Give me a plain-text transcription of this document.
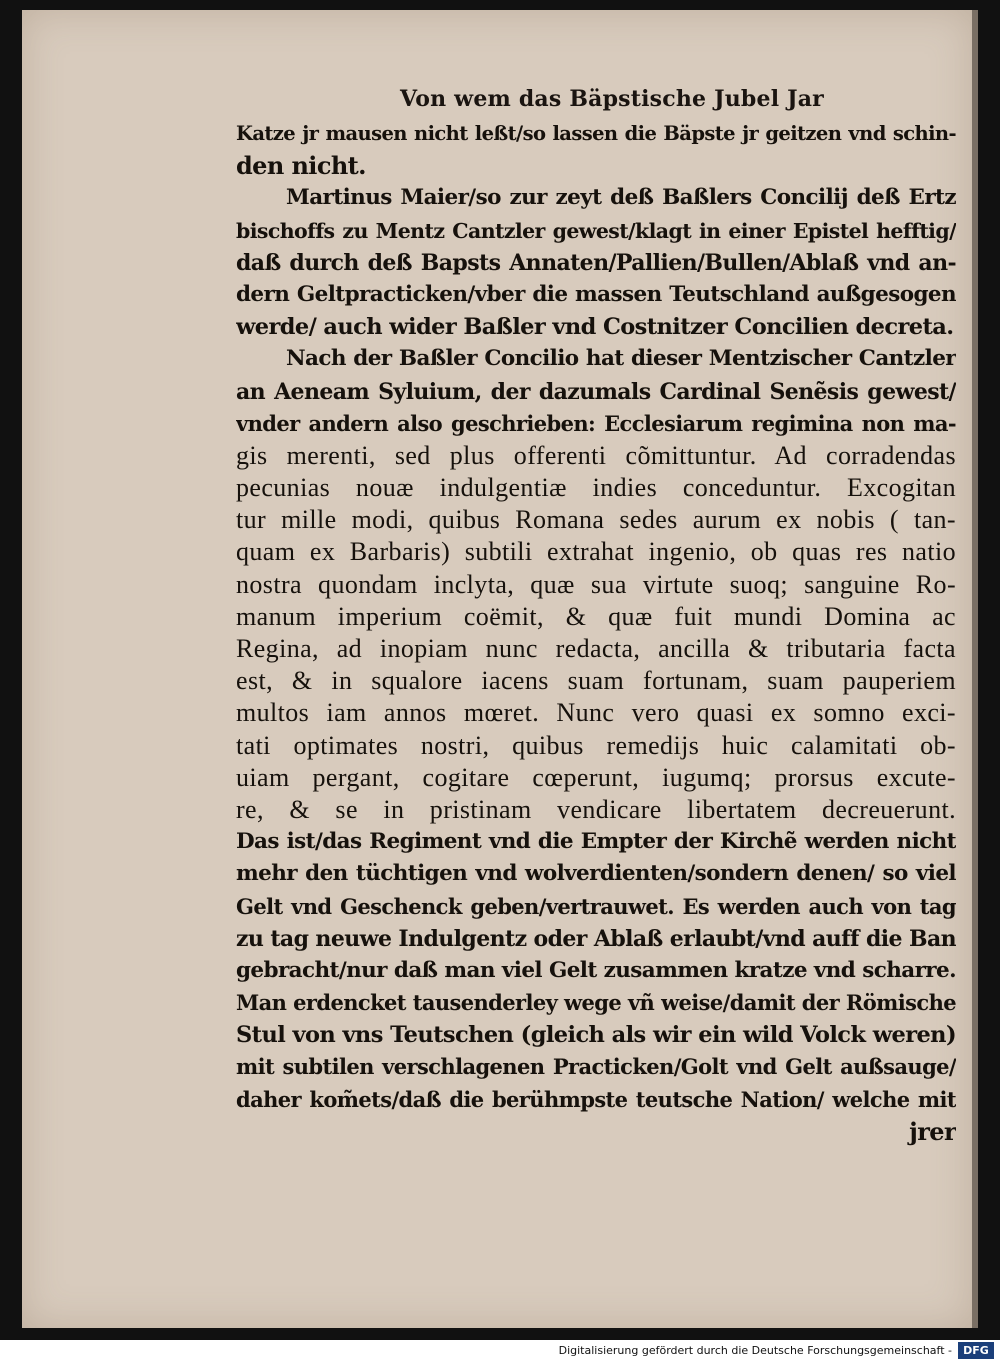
Von wem das Bäpstische Jubel Jar
Katze jr mausen nicht leßt/so lassen die Bäpste jr geitzen vnd schin-
den nicht.
Martinus Maier/so zur zeyt deß Baßlers Concilij deß Ertz
bischoffs zu Mentz Cantzler gewest/klagt in einer Epistel hefftig/
daß durch deß Bapsts Annaten/Pallien/Bullen/Ablaß vnd an-
dern Geltpracticken/vber die massen Teutschland außgesogen
werde/ auch wider Baßler vnd Costnitzer Concilien decreta.
Nach der Baßler Concilio hat dieser Mentzischer Cantzler
an Aeneam Syluium, der dazumals Cardinal Senẽsis gewest/
vnder andern also geschrieben: Ecclesiarum regimina non ma-
gis merenti, sed plus offerenti cõmittuntur. Ad corradendas
pecunias nouæ indulgentiæ indies conceduntur. Excogitan
tur mille modi, quibus Romana sedes aurum ex nobis ( tan-
quam ex Barbaris) subtili extrahat ingenio, ob quas res natio
nostra quondam inclyta, quæ sua virtute suoq; sanguine Ro-
manum imperium coëmit, & quæ fuit mundi Domina ac
Regina, ad inopiam nunc redacta, ancilla & tributaria facta
est, & in squalore iacens suam fortunam, suam pauperiem
multos iam annos mœret. Nunc vero quasi ex somno exci-
tati optimates nostri, quibus remedijs huic calamitati ob-
uiam pergant, cogitare cœperunt, iugumq; prorsus excute-
re, & se in pristinam vendicare libertatem decreuerunt.
Das ist/das Regiment vnd die Empter der Kirchẽ werden nicht
mehr den tüchtigen vnd wolverdienten/sondern denen/ so viel
Gelt vnd Geschenck geben/vertrauwet. Es werden auch von tag
zu tag neuwe Indulgentz oder Ablaß erlaubt/vnd auff die Ban
gebracht/nur daß man viel Gelt zusammen kratze vnd scharre.
Man erdencket tausenderley wege vñ weise/damit der Römische
Stul von vns Teutschen (gleich als wir ein wild Volck weren)
mit subtilen verschlagenen Practicken/Golt vnd Gelt außsauge/
daher kom̃ets/daß die berühmpste teutsche Nation/ welche mit
jrer
Digitalisierung gefördert durch die Deutsche Forschungsgemeinschaft -	DFG
